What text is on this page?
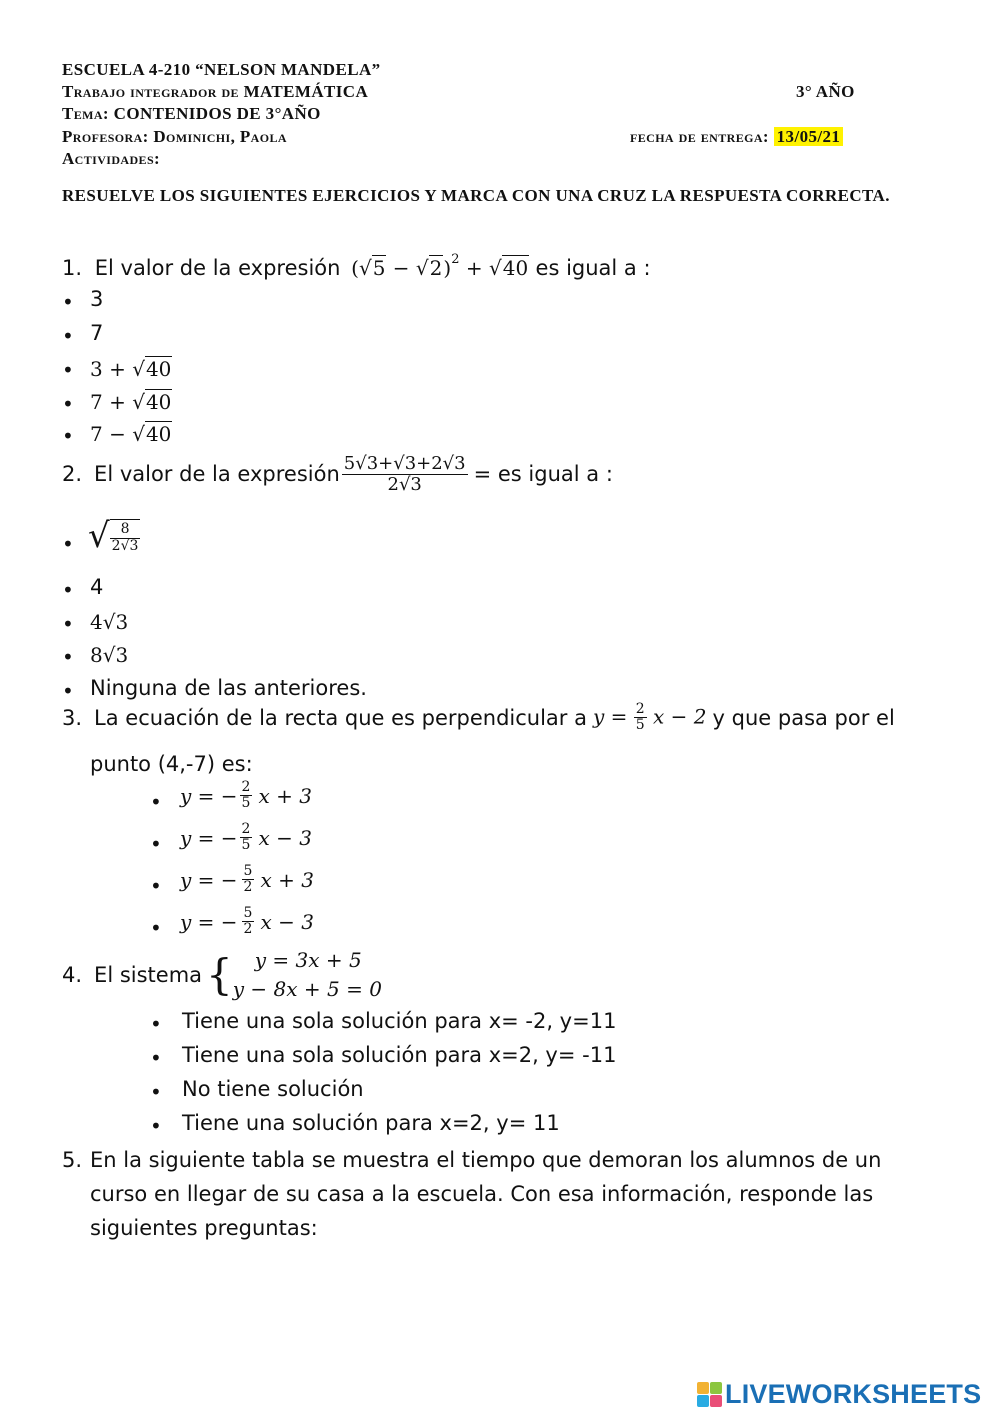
ESCUELA 4-210 “NELSON MANDELA”
Trabajo integrador de MATEMÁTICA	3° AÑO
Tema: CONTENIDOS DE 3°AÑO
Profesora: Dominichi, Paola	fecha de entrega: 13/05/21
Actividades:
RESUELVE LOS SIGUIENTES EJERCICIOS Y MARCA CON UNA CRUZ LA RESPUESTA CORRECTA.
1. El valor de la expresión $(√5 - √2)^2 + √40$ es igual a :
• 3
• 7
• 3 + √40
• 7 + √40
• 7 − √40
2. El valor de la expresión $\frac{5√3+√3+2√3}{2√3}$ = es igual a :
• √ $\frac{8}{2√3}$
• 4
• 4√3
• 8√3
• Ninguna de las anteriores.
3. La ecuación de la recta que es perpendicular a $y = \frac{2}{5}$ x − 2 y que pasa por el
punto (4,-7) es:
• y = − $\frac{2}{5}$ x + 3
• y = − $\frac{2}{5}$ x − 3
• y = − $\frac{5}{2}$ x + 3
• y = − $\frac{5}{2}$ x − 3
4. El sistema {	y = 3x + 5
y − 8x + 5 = 0
• Tiene una sola solución para x= -2, y=11
• Tiene una sola solución para x=2, y= -11
• No tiene solución
• Tiene una solución para x=2, y= 11
5. En la siguiente tabla se muestra el tiempo que demoran los alumnos de un
curso en llegar de su casa a la escuela. Con esa información, responde las
siguientes preguntas:
LIVEWORKSHEETS
